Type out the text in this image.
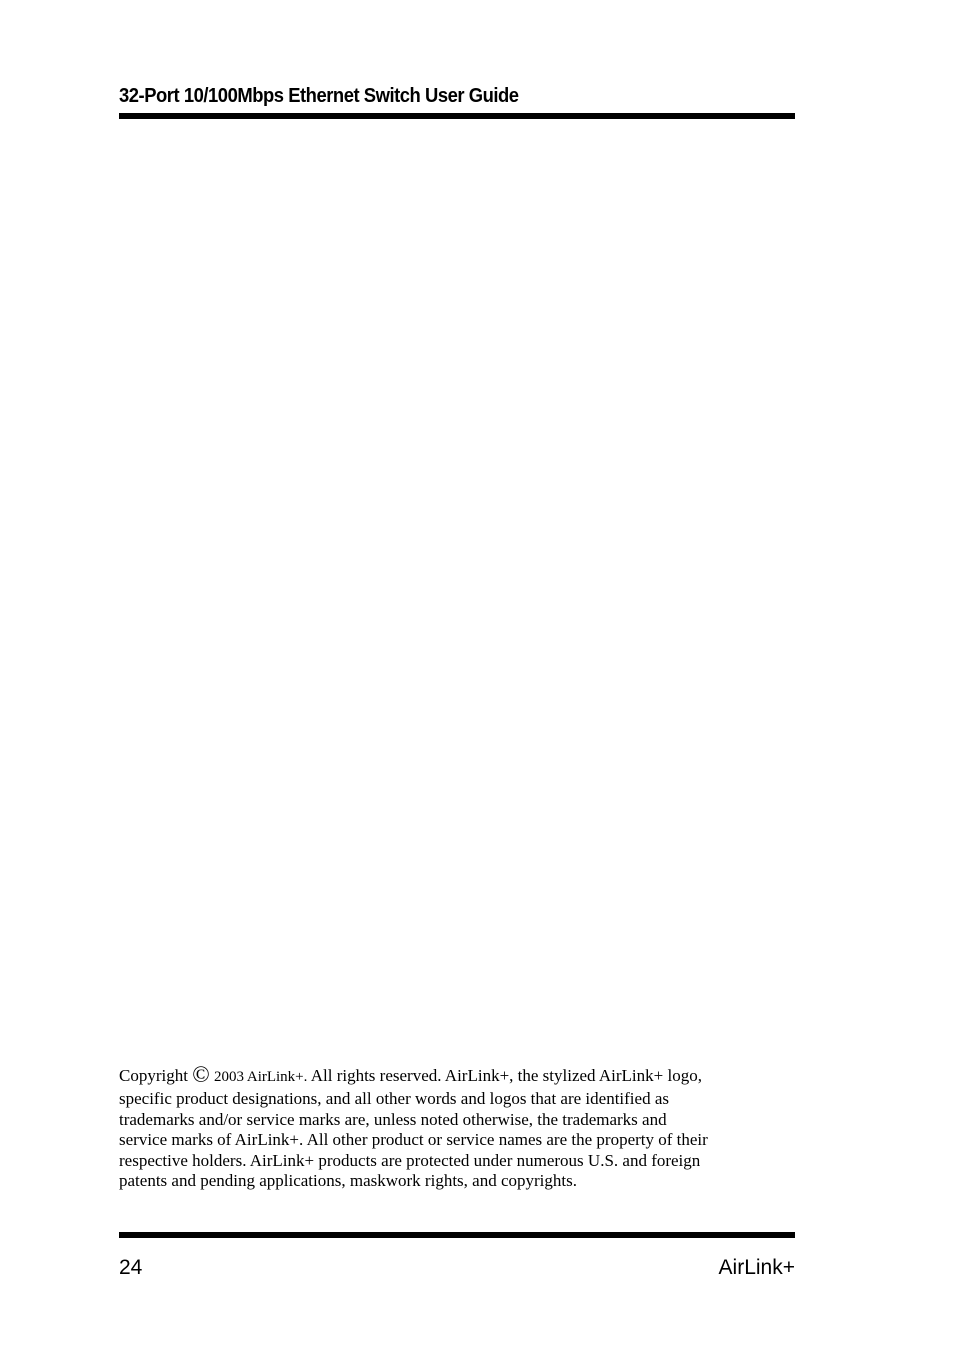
32-Port 10/100Mbps Ethernet Switch User Guide
Copyright © 2003 AirLink+. All rights reserved. AirLink+, the stylized AirLink+ logo,
specific product designations, and all other words and logos that are identified as
trademarks and/or service marks are, unless noted otherwise, the trademarks and
service marks of AirLink+. All other product or service names are the property of their
respective holders. AirLink+ products are protected under numerous U.S. and foreign
patents and pending applications, maskwork rights, and copyrights.
24	AirLink+
